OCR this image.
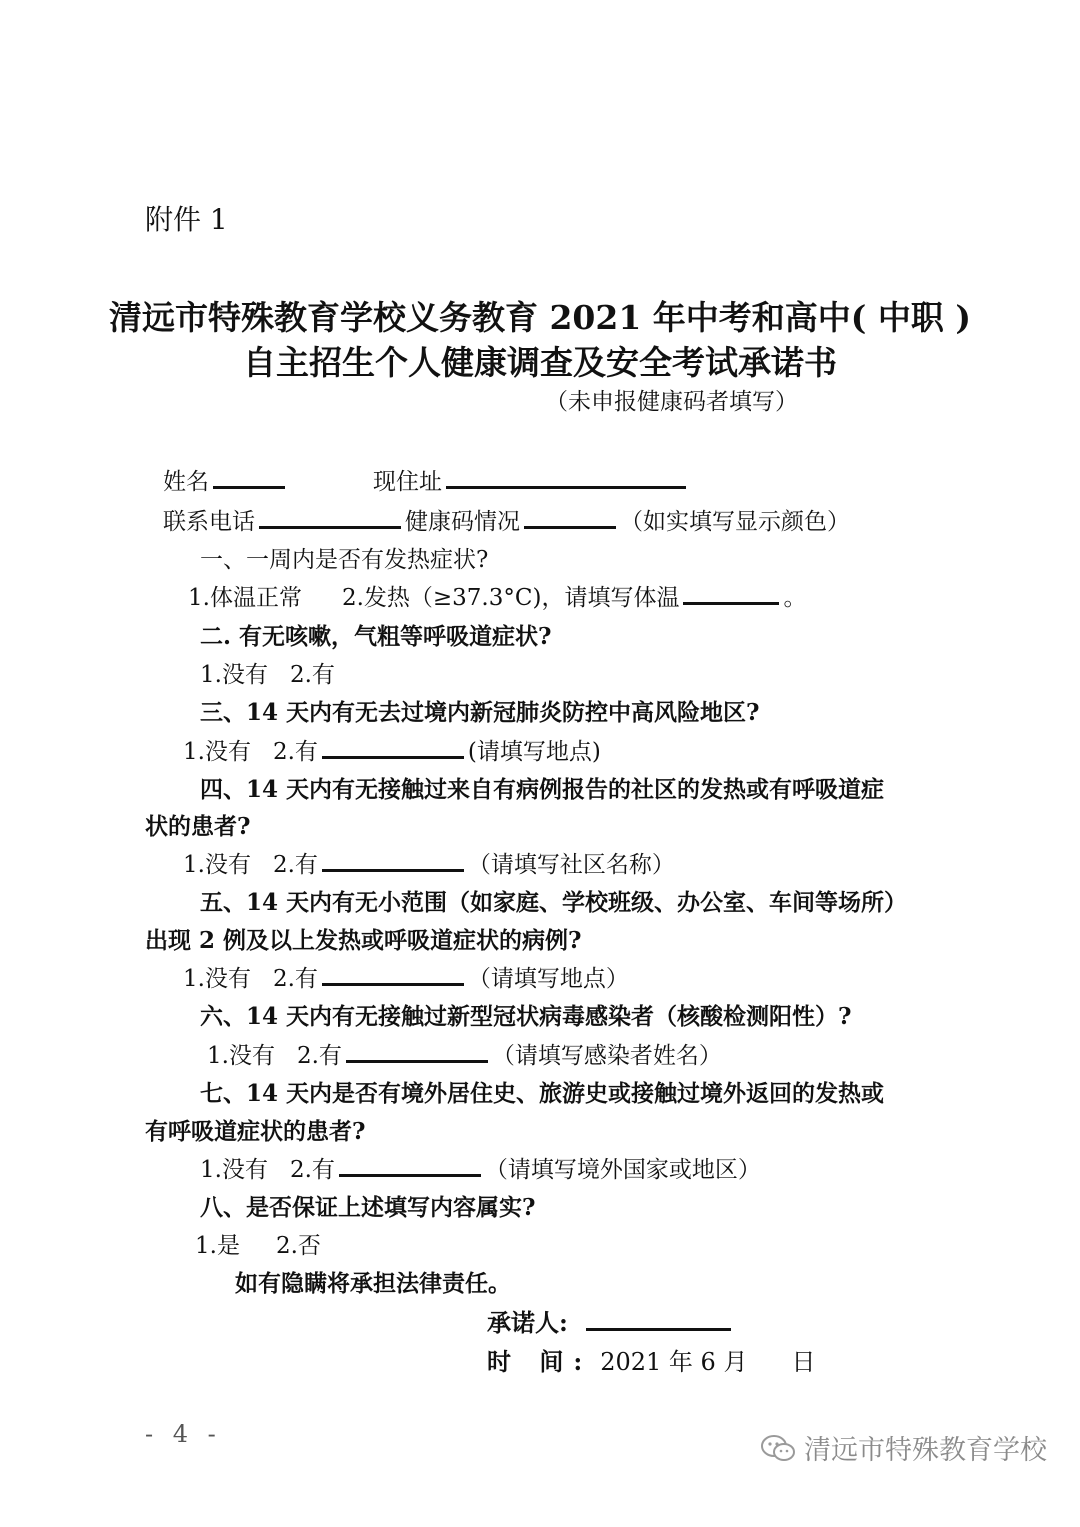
附件 1
清远市特殊教育学校义务教育 2021 年中考和高中( 中职 )
自主招生个人健康调查及安全考试承诺书
（未申报健康码者填写）
姓名	现住址
联系电话	健康码情况	（如实填写显示颜色）
一、一周内是否有发热症状?
1.体温正常 2.发热（≥37.3°C)，请填写体温	。
二. 有无咳嗽，气粗等呼吸道症状?
1.没有 2.有
三、14 天内有无去过境内新冠肺炎防控中高风险地区?
1.没有 2.有	(请填写地点)
四、14 天内有无接触过来自有病例报告的社区的发热或有呼吸道症
状的患者?
1.没有 2.有	（请填写社区名称）
五、14 天内有无小范围（如家庭、学校班级、办公室、车间等场所）
出现 2 例及以上发热或呼吸道症状的病例?
1.没有 2.有	（请填写地点）
六、14 天内有无接触过新型冠状病毒感染者（核酸检测阳性）?
1.没有 2.有	（请填写感染者姓名）
七、14 天内是否有境外居住史、旅游史或接触过境外返回的发热或
有呼吸道症状的患者?
1.没有 2.有	（请填写境外国家或地区）
八、是否保证上述填写内容属实?
1.是 2.否
如有隐瞒将承担法律责任。
承诺人:
时 间: 2021 年 6 月 日
- 4 -
清远市特殊教育学校
